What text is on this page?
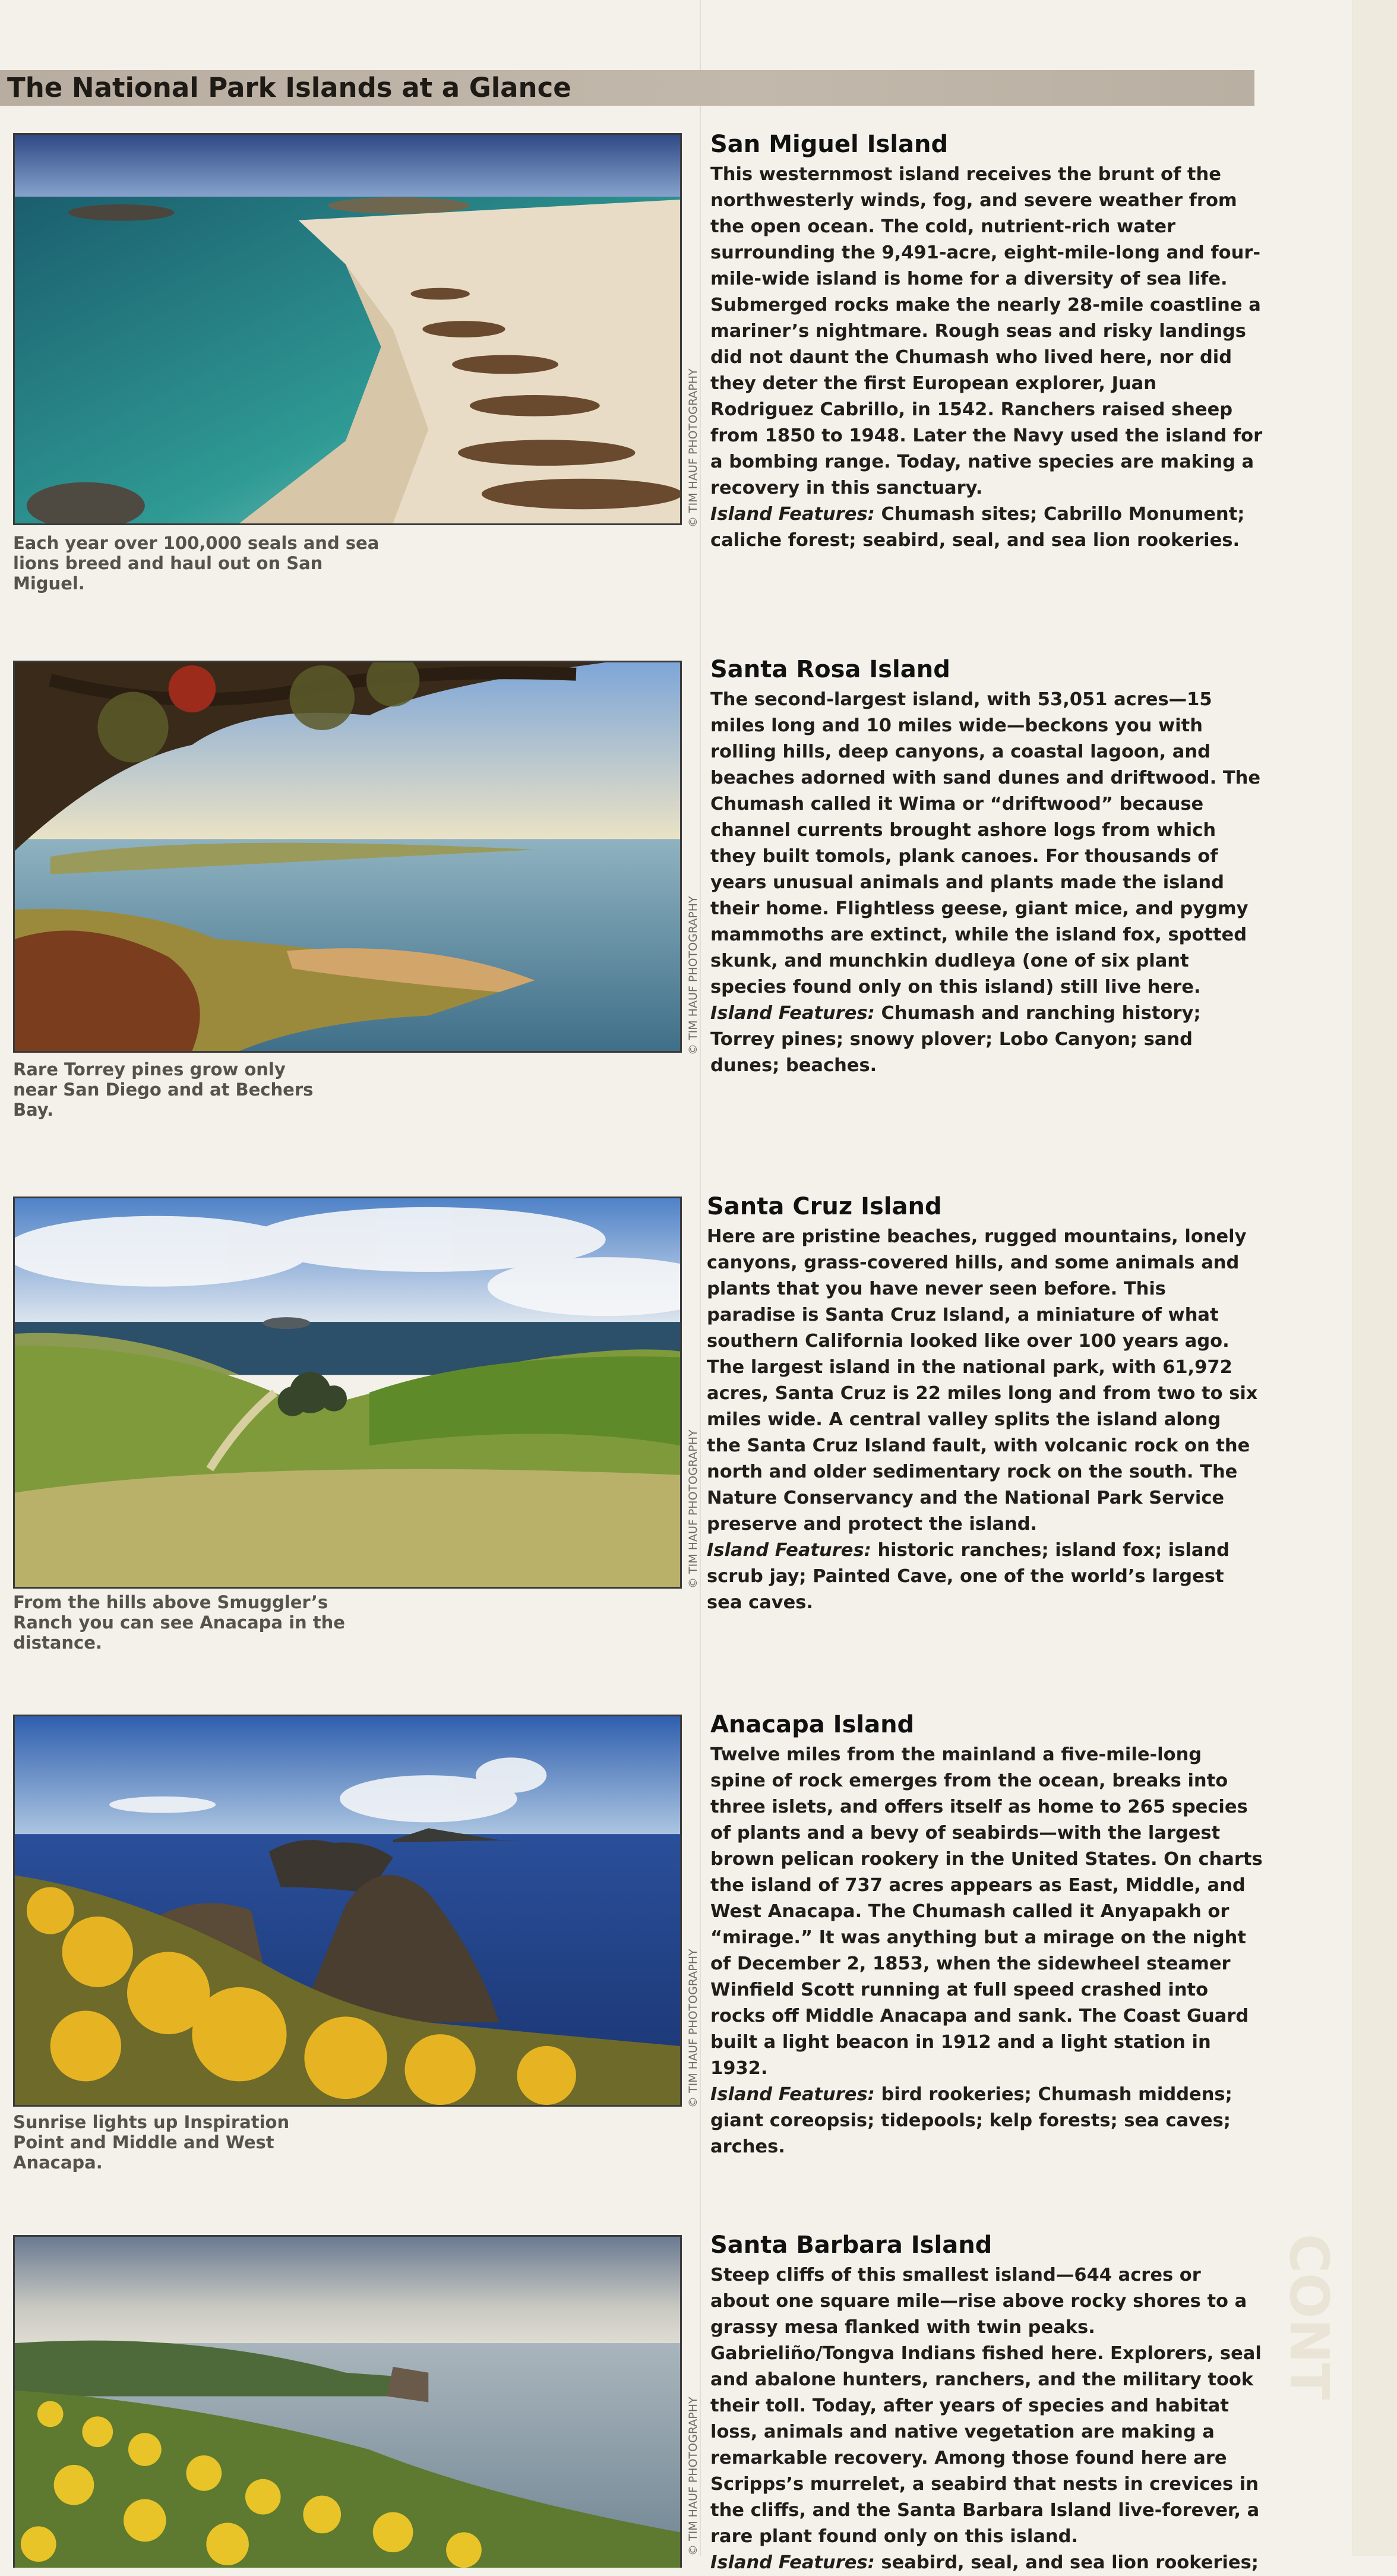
CONT
The National Park Islands at a Glance
© TIM HAUF PHOTOGRAPHY
Each year over 100,000 seals and sea lions breed and haul out on San Miguel.
San Miguel Island

This westernmost island receives the brunt of the northwesterly winds, fog, and severe weather from the open ocean. The cold, nutrient-rich water surrounding the 9,491-acre, eight-mile-long and four-mile-wide island is home for a diversity of sea life. Submerged rocks make the nearly 28-mile coastline a mariner’s nightmare. Rough seas and risky landings did not daunt the Chumash who lived here, nor did they deter the first European explorer, Juan Rodriguez Cabrillo, in 1542. Ranchers raised sheep from 1850 to 1948. Later the Navy used the island for a bombing range. Today, native species are making a recovery in this sanctuary.
Island Features: Chumash sites; Cabrillo Monument; caliche forest; seabird, seal, and sea lion rookeries.

© TIM HAUF PHOTOGRAPHY
Rare Torrey pines grow only near San Diego and at Bechers Bay.
Santa Rosa Island

The second-largest island, with 53,051 acres—15 miles long and 10 miles wide—beckons you with rolling hills, deep canyons, a coastal lagoon, and beaches adorned with sand dunes and driftwood. The Chumash called it Wima or “driftwood” because channel currents brought ashore logs from which they built tomols, plank canoes. For thousands of years unusual animals and plants made the island their home. Flightless geese, giant mice, and pygmy mammoths are extinct, while the island fox, spotted skunk, and munchkin dudleya (one of six plant species found only on this island) still live here.
Island Features: Chumash and ranching history; Torrey pines; snowy plover; Lobo Canyon; sand dunes; beaches.

© TIM HAUF PHOTOGRAPHY
From the hills above Smuggler’s Ranch you can see Anacapa in the distance.
Santa Cruz Island

Here are pristine beaches, rugged mountains, lonely canyons, grass-covered hills, and some animals and plants that you have never seen before. This paradise is Santa Cruz Island, a miniature of what southern California looked like over 100 years ago. The largest island in the national park, with 61,972 acres, Santa Cruz is 22 miles long and from two to six miles wide. A central valley splits the island along the Santa Cruz Island fault, with volcanic rock on the north and older sedimentary rock on the south. The Nature Conservancy and the National Park Service preserve and protect the island.
Island Features: historic ranches; island fox; island scrub jay; Painted Cave, one of the world’s largest sea caves.

© TIM HAUF PHOTOGRAPHY
Sunrise lights up Inspiration Point and Middle and West Anacapa.
Anacapa Island

Twelve miles from the mainland a five-mile-long spine of rock emerges from the ocean, breaks into three islets, and offers itself as home to 265 species of plants and a bevy of seabirds—with the largest brown pelican rookery in the United States. On charts the island of 737 acres appears as East, Middle, and West Anacapa. The Chumash called it Anyapakh or “mirage.” It was anything but a mirage on the night of December 2, 1853, when the sidewheel steamer Winfield Scott running at full speed crashed into rocks off Middle Anacapa and sank. The Coast Guard built a light beacon in 1912 and a light station in 1932.
Island Features: bird rookeries; Chumash middens; giant coreopsis; tidepools; kelp forests; sea caves; arches.

© TIM HAUF PHOTOGRAPHY
Santa Barbara Island

Steep cliffs of this smallest island—644 acres or about one square mile—rise above rocky shores to a grassy mesa flanked with twin peaks. Gabrieliño/Tongva Indians fished here. Explorers, seal and abalone hunters, ranchers, and the military took their toll. Today, after years of species and habitat loss, animals and native vegetation are making a remarkable recovery. Among those found here are Scripps’s murrelet, a seabird that nests in crevices in the cliffs, and the Santa Barbara Island live-forever, a rare plant found only on this island.
Island Features: seabird, seal, and sea lion rookeries;
